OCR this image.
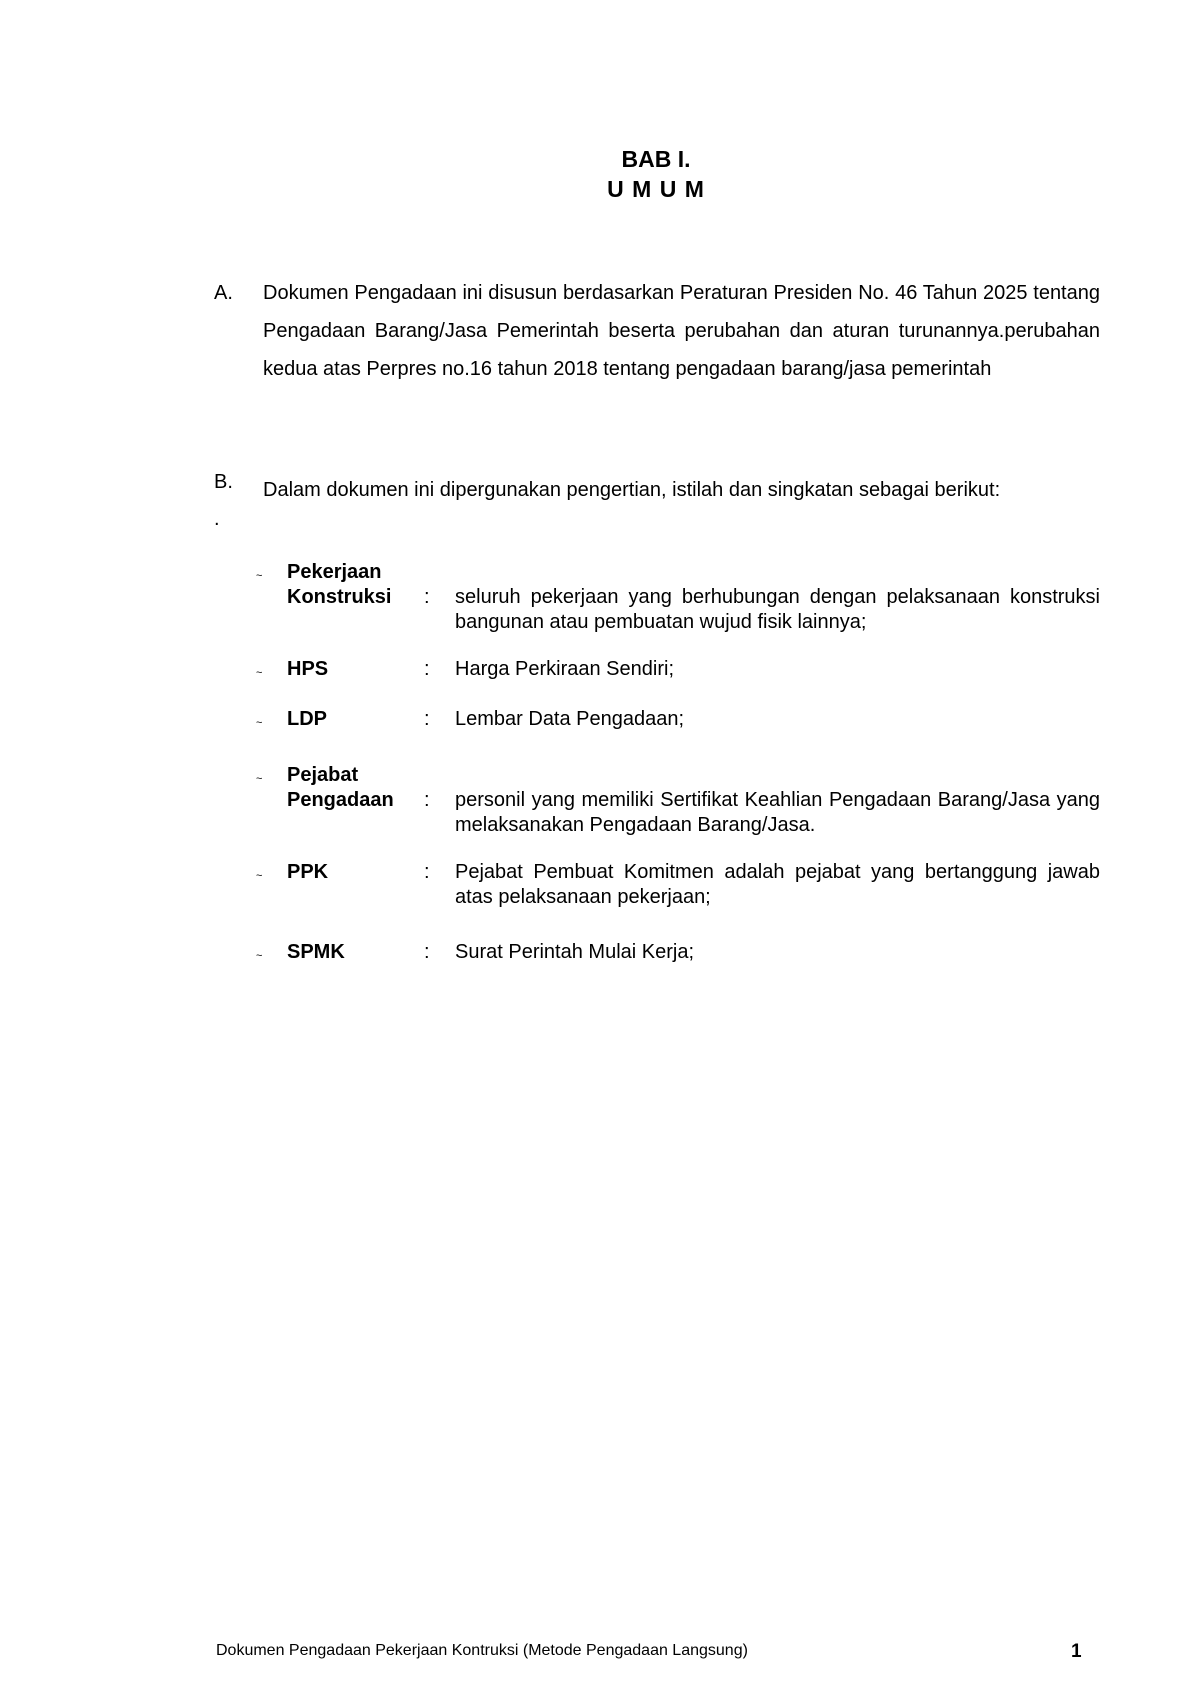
BAB I.
U M U M
A. Dokumen Pengadaan ini disusun berdasarkan Peraturan Presiden No. 46 Tahun 2025 tentang Pengadaan Barang/Jasa Pemerintah beserta perubahan dan aturan turunannya.perubahan kedua atas Perpres no.16 tahun 2018 tentang pengadaan barang/jasa pemerintah
B. Dalam dokumen ini dipergunakan pengertian, istilah dan singkatan sebagai berikut:
.
~ Pekerjaan
Konstruksi	: seluruh pekerjaan yang berhubungan dengan pelaksanaan konstruksi bangunan atau pembuatan wujud fisik lainnya;
~ HPS	: Harga Perkiraan Sendiri;
~ LDP	: Lembar Data Pengadaan;
~ Pejabat
Pengadaan	: personil yang memiliki Sertifikat Keahlian Pengadaan Barang/Jasa yang melaksanakan Pengadaan Barang/Jasa.
~ PPK	: Pejabat Pembuat Komitmen adalah pejabat yang bertanggung jawab atas pelaksanaan pekerjaan;
~ SPMK	: Surat Perintah Mulai Kerja;
Dokumen Pengadaan Pekerjaan Kontruksi (Metode Pengadaan Langsung)	1
